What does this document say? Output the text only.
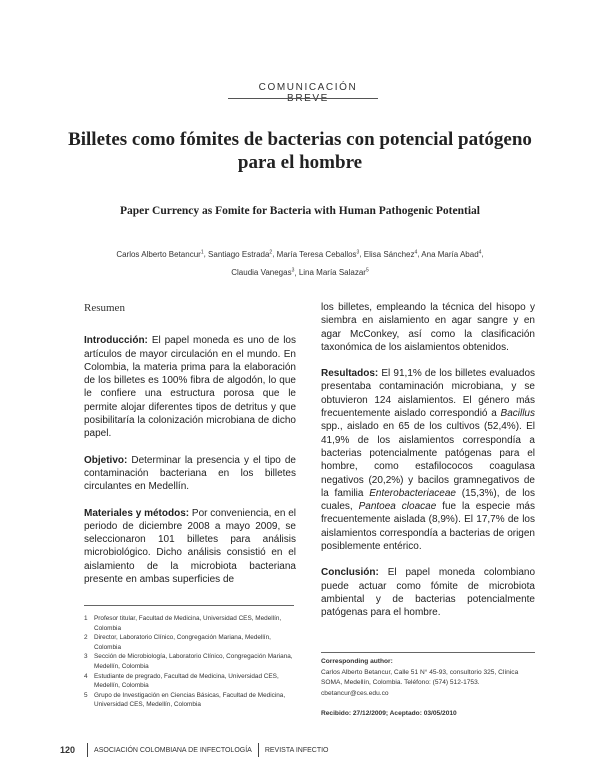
COMUNICACIÓN
Billetes como fómites de bacterias con potencial patógeno para el hombre
Paper Currency as Fomite for Bacteria with Human Pathogenic Potential
Carlos Alberto Betancur$^1$, Santiago Estrada$^2$, María Teresa Ceballos$^3$, Elisa Sánchez$^4$, Ana María Abad$^4$,
Claudia Vanegas$^3$, Lina María Salazar$^5$
Resumen

Introducción: El papel moneda es uno de los artículos de mayor circulación en el mundo. En Colombia, la materia prima para la elaboración de los billetes es 100% fibra de algodón, lo que le confiere una estructura porosa que le permite alojar diferentes tipos de detritus y que posibilitaría la colonización microbiana de dicho papel.

Objetivo: Determinar la presencia y el tipo de contaminación bacteriana en los billetes circulantes en Medellín.

Materiales y métodos: Por conveniencia, en el periodo de diciembre 2008 a mayo 2009, se seleccionaron 101 billetes para análisis microbiológico. Dicho análisis consistió en el aislamiento de la microbiota bacteriana presente en ambas superficies de

los billetes, empleando la técnica del hisopo y siembra en aislamiento en agar sangre y en agar McConkey, así como la clasificación taxonómica de los aislamientos obtenidos.

Resultados: El 91,1% de los billetes evaluados presentaba contaminación microbiana, y se obtuvieron 124 aislamientos. El género más frecuentemente aislado correspondió a Bacillus spp., aislado en 65 de los cultivos (52,4%). El 41,9% de los aislamientos correspondía a bacterias potencialmente patógenas para el hombre, como estafilococos coagulasa negativos (20,2%) y bacilos gramnegativos de la familia Enterobacteriaceae (15,3%), de los cuales, Pantoea cloacae fue la especie más frecuentemente aislada (8,9%). El 17,7% de los aislamientos correspondía a bacterias de origen posiblemente entérico.

Conclusión: El papel moneda colombiano puede actuar como fómite de microbiota ambiental y de bacterias potencialmente patógenas para el hombre.

1	Profesor titular, Facultad de Medicina, Universidad CES, Medellín, Colombia
2	Director, Laboratorio Clínico, Congregación Mariana, Medellín, Colombia
3	Sección de Microbiología, Laboratorio Clínico, Congregación Mariana, Medellín, Colombia
4	Estudiante de pregrado, Facultad de Medicina, Universidad CES, Medellín, Colombia
5	Grupo de Investigación en Ciencias Básicas, Facultad de Medicina, Universidad CES, Medellín, Colombia
Corresponding author:
Carlos Alberto Betancur, Calle 51 N° 45-93, consultorio 325, Clínica SOMA, Medellín, Colombia. Teléfono: (574) 512-1753. cbetancur@ces.edu.co
Recibido: 27/12/2009; Aceptado: 03/05/2010
120	ASOCIACIÓN COLOMBIANA DE INFECTOLOGÍA REVISTA INFECTIO
